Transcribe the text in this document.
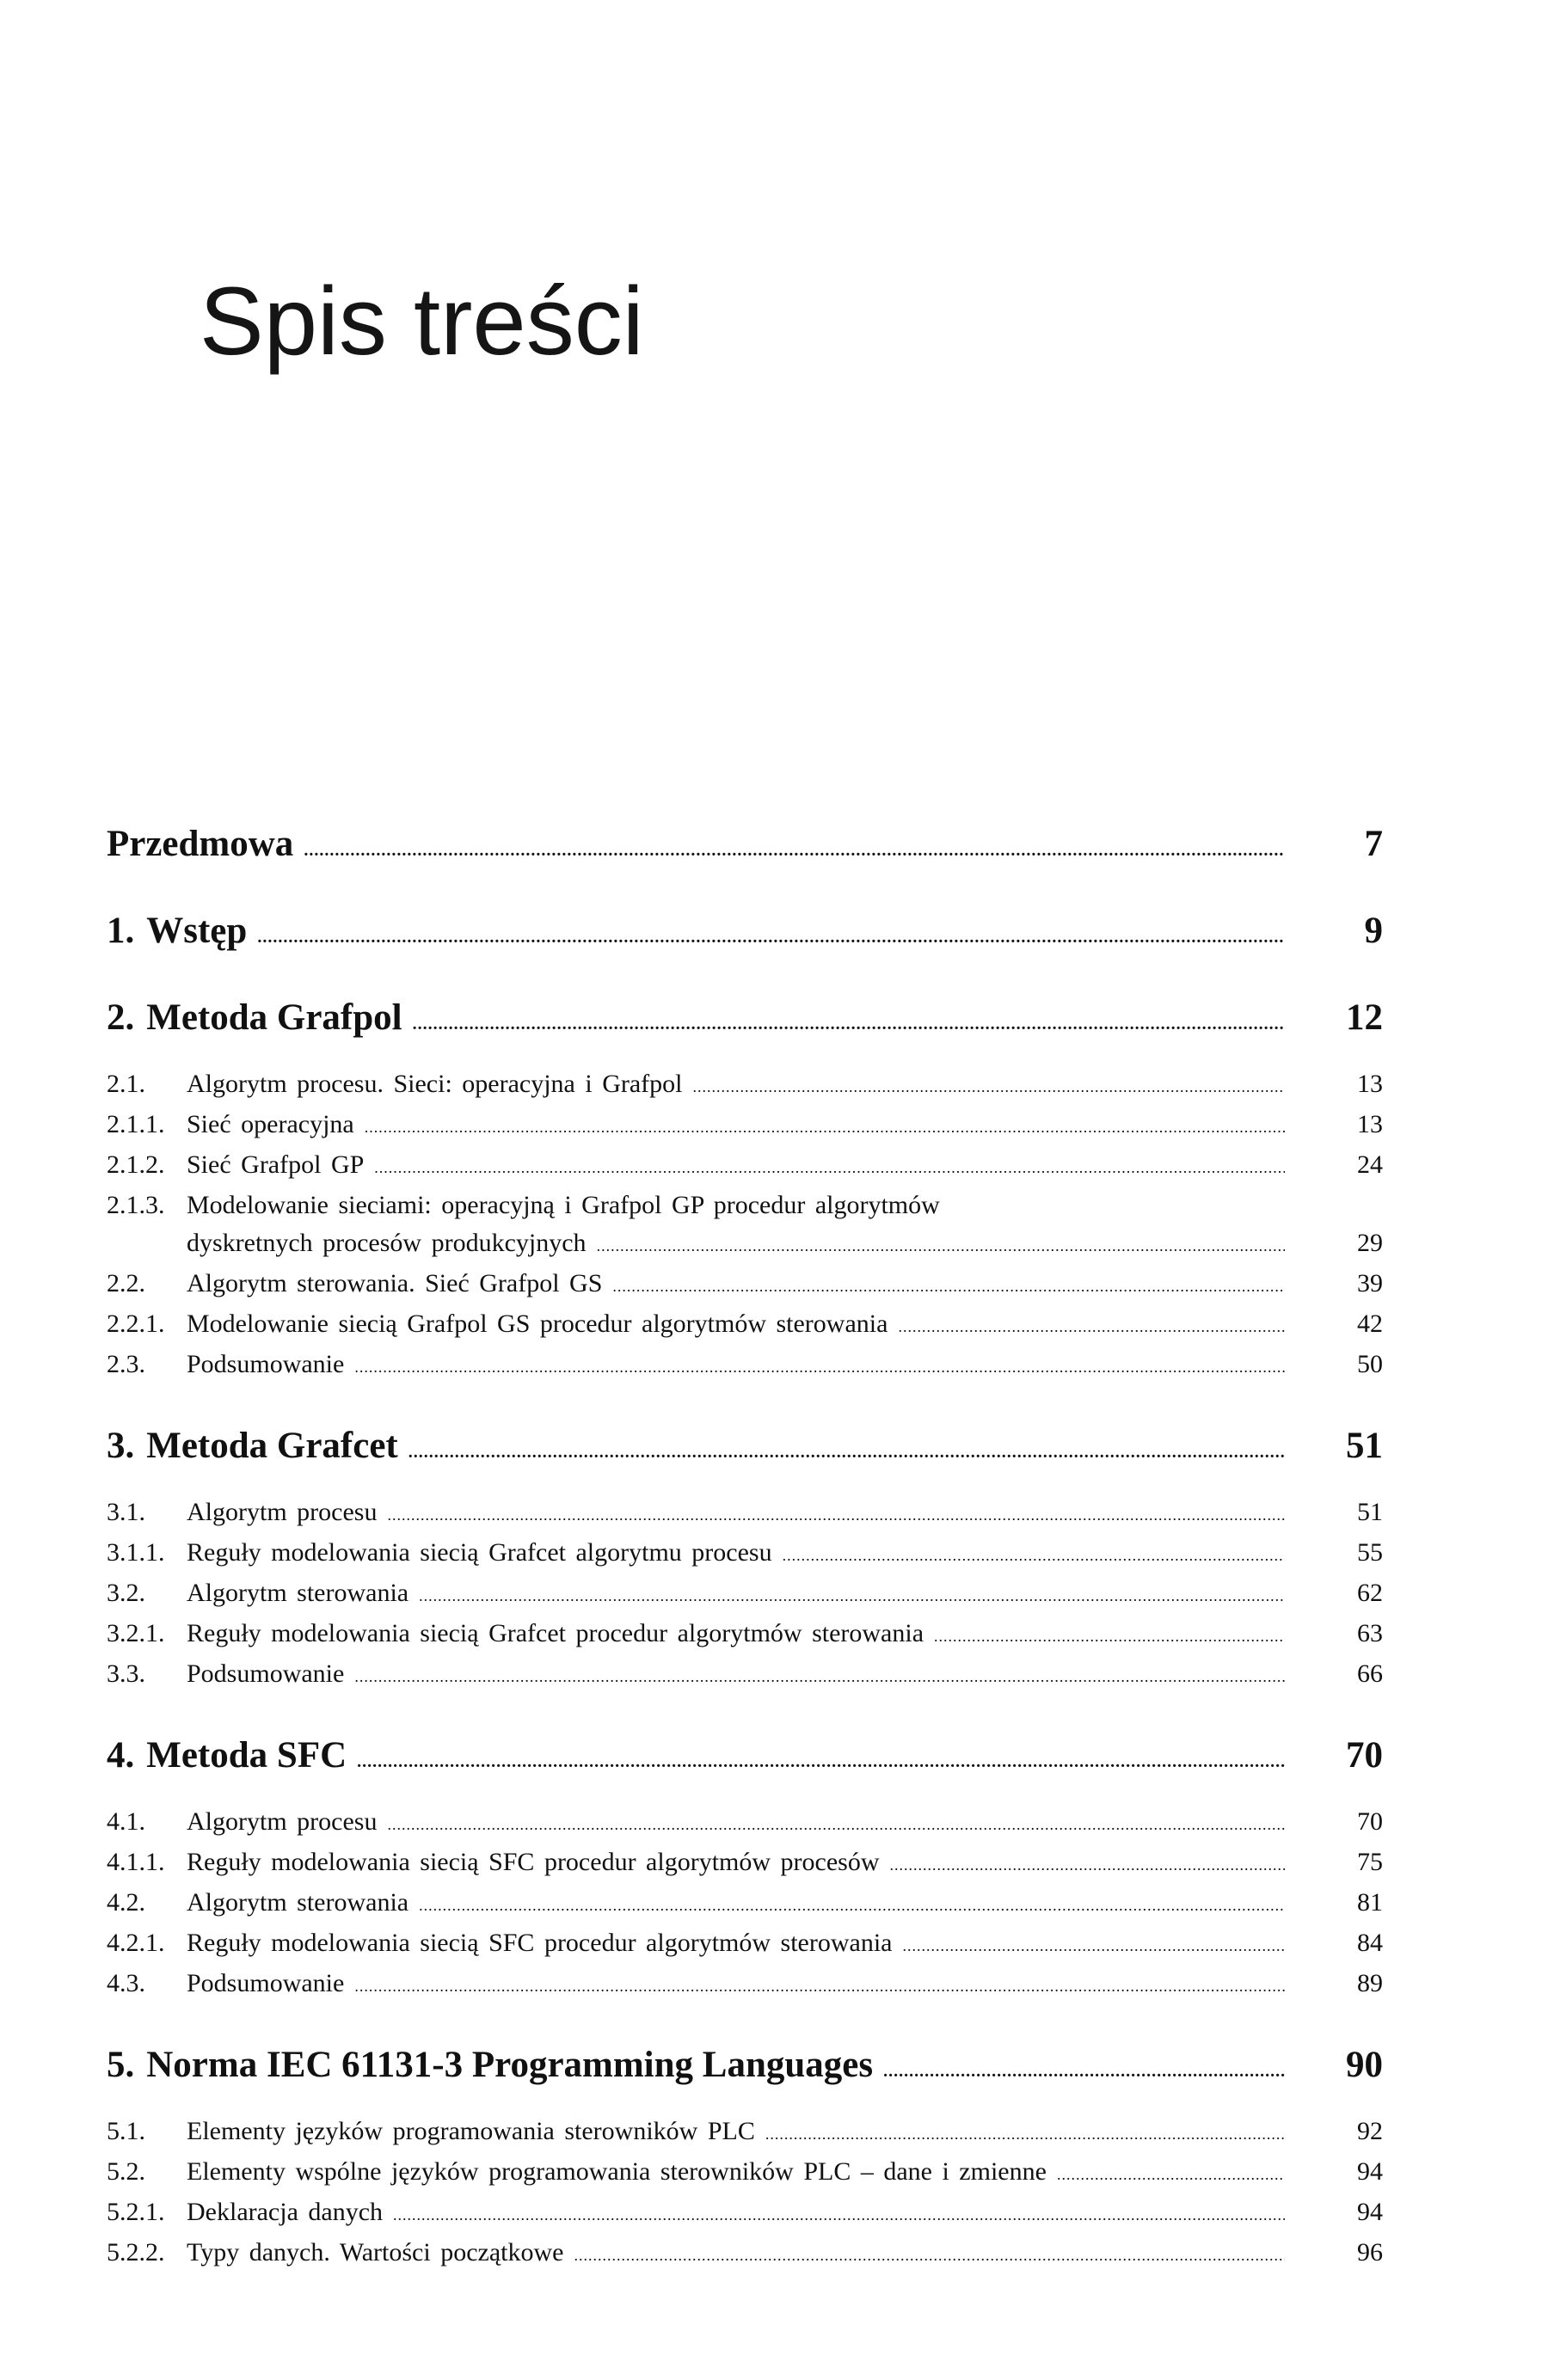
Spis treści
Przedmowa .....	7
1. Wstęp .....	9
2. Metoda Grafpol .....	12
2.1.	Algorytm procesu. Sieci: operacyjna i Grafpol .....	13
2.1.1. Sieć operacyjna .....	13
2.1.2. Sieć Grafpol GP .....	24
2.1.3. Modelowanie sieciami: operacyjną i Grafpol GP procedur algorytmów
dyskretnych procesów produkcyjnych .....	29
2.2.	Algorytm sterowania. Sieć Grafpol GS .....	39
2.2.1. Modelowanie siecią Grafpol GS procedur algorytmów sterowania .....	42
2.3.	Podsumowanie .....	50
3. Metoda Grafcet .....	51
3.1.	Algorytm procesu .....	51
3.1.1. Reguły modelowania siecią Grafcet algorytmu procesu .....	55
3.2.	Algorytm sterowania .....	62
3.2.1. Reguły modelowania siecią Grafcet procedur algorytmów sterowania .....	63
3.3.	Podsumowanie .....	66
4. Metoda SFC .....	70
4.1.	Algorytm procesu .....	70
4.1.1. Reguły modelowania siecią SFC procedur algorytmów procesów .....	75
4.2.	Algorytm sterowania .....	81
4.2.1. Reguły modelowania siecią SFC procedur algorytmów sterowania .....	84
4.3.	Podsumowanie .....	89
5. Norma IEC 61131-3 Programming Languages .....	90
5.1.	Elementy języków programowania sterowników PLC .....	92
5.2.	Elementy wspólne języków programowania sterowników PLC – dane i zmienne .....	94
5.2.1. Deklaracja danych .....	94
5.2.2. Typy danych. Wartości początkowe .....	96
